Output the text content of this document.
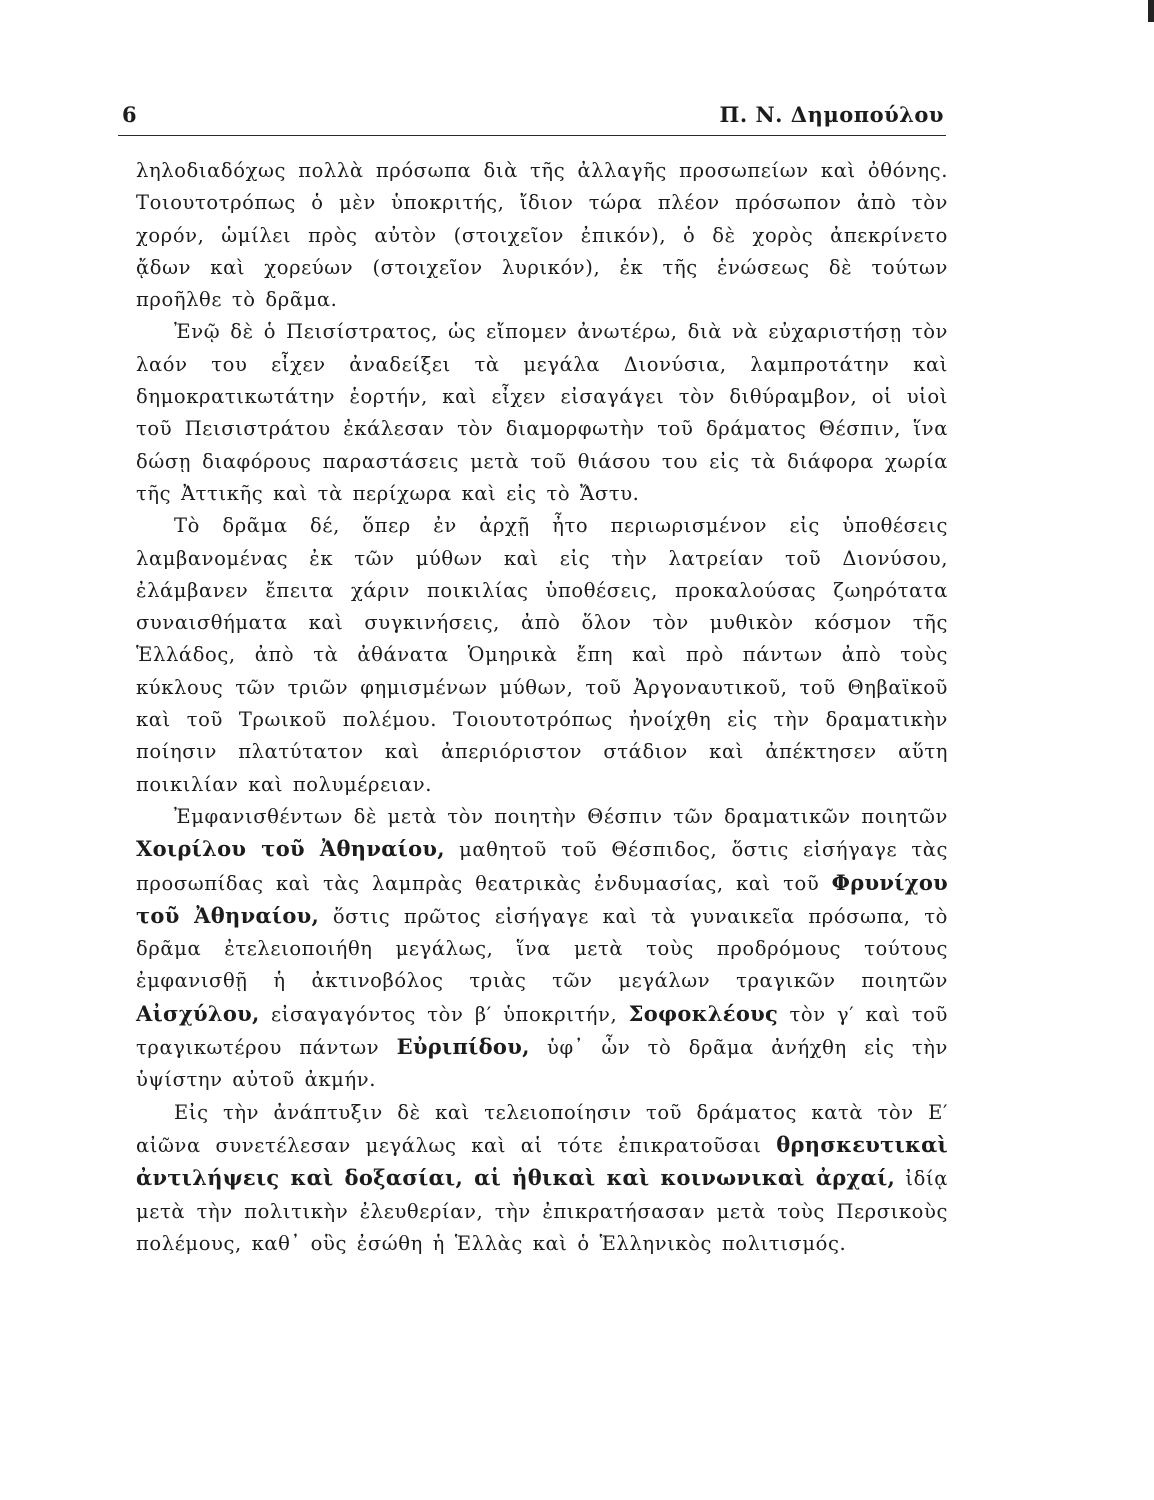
6	Π. Ν. Δημοπούλου

ληλοδιαδόχως πολλὰ πρόσωπα διὰ τῆς ἀλλαγῆς προσωπείων καὶ ὀθόνης. Τοιουτοτρόπως ὁ μὲν ὑποκριτής, ἴδιον τώρα πλέον πρόσωπον ἀπὸ τὸν χορόν, ὡμίλει πρὸς αὐτὸν (στοιχεῖον ἐπικόν), ὁ δὲ χορὸς ἀπεκρίνετο ᾄδων καὶ χορεύων (στοιχεῖον λυρικόν), ἐκ τῆς ἑνώσεως δὲ τούτων προῆλθε τὸ δρᾶμα.

Ἐνῷ δὲ ὁ Πεισίστρατος, ὡς εἴπομεν ἀνωτέρω, διὰ νὰ εὐχαριστήσῃ τὸν λαόν του εἶχεν ἀναδείξει τὰ μεγάλα Διονύσια, λαμπροτάτην καὶ δημοκρατικωτάτην ἑορτήν, καὶ εἶχεν εἰσαγάγει τὸν διθύραμβον, οἱ υἱοὶ τοῦ Πεισιστράτου ἐκάλεσαν τὸν διαμορφωτὴν τοῦ δράματος Θέσπιν, ἵνα δώσῃ διαφόρους παραστάσεις μετὰ τοῦ θιάσου του εἰς τὰ διάφορα χωρία τῆς Ἀττικῆς καὶ τὰ περίχωρα καὶ εἰς τὸ Ἄστυ.

Τὸ δρᾶμα δέ, ὅπερ ἐν ἀρχῇ ἦτο περιωρισμένον εἰς ὑποθέσεις λαμβανομένας ἐκ τῶν μύθων καὶ εἰς τὴν λατρείαν τοῦ Διονύσου, ἐλάμβανεν ἔπειτα χάριν ποικιλίας ὑποθέσεις, προκαλούσας ζωηρότατα συναισθήματα καὶ συγκινήσεις, ἀπὸ ὅλον τὸν μυθικὸν κόσμον τῆς Ἑλλάδος, ἀπὸ τὰ ἀθάνατα Ὁμηρικὰ ἔπη καὶ πρὸ πάντων ἀπὸ τοὺς κύκλους τῶν τριῶν φημισμένων μύθων, τοῦ Ἀργοναυτικοῦ, τοῦ Θηβαϊκοῦ καὶ τοῦ Τρωικοῦ πολέμου. Τοιουτοτρόπως ἠνοίχθη εἰς τὴν δραματικὴν ποίησιν πλατύτατον καὶ ἀπεριόριστον στάδιον καὶ ἀπέκτησεν αὕτη ποικιλίαν καὶ πολυμέρειαν.

Ἐμφανισθέντων δὲ μετὰ τὸν ποιητὴν Θέσπιν τῶν δραματικῶν ποιητῶν Χοιρίλου τοῦ Ἀθηναίου, μαθητοῦ τοῦ Θέσπιδος, ὅστις εἰσήγαγε τὰς προσωπίδας καὶ τὰς λαμπρὰς θεατρικὰς ἐνδυμασίας, καὶ τοῦ Φρυνίχου τοῦ Ἀθηναίου, ὅστις πρῶτος εἰσήγαγε καὶ τὰ γυναικεῖα πρόσωπα, τὸ δρᾶμα ἐτελειοποιήθη μεγάλως, ἵνα μετὰ τοὺς προδρόμους τούτους ἐμφανισθῇ ἡ ἀκτινοβόλος τριὰς τῶν μεγάλων τραγικῶν ποιητῶν Αἰσχύλου, εἰσαγαγόντος τὸν β′ ὑποκριτήν, Σοφοκλέους τὸν γ′ καὶ τοῦ τραγικωτέρου πάντων Εὐριπίδου, ὑφ᾽ ὧν τὸ δρᾶμα ἀνήχθη εἰς τὴν ὑψίστην αὐτοῦ ἀκμήν.

Εἰς τὴν ἀνάπτυξιν δὲ καὶ τελειοποίησιν τοῦ δράματος κατὰ τὸν Ε′ αἰῶνα συνετέλεσαν μεγάλως καὶ αἱ τότε ἐπικρατοῦσαι θρησκευτικαὶ ἀντιλήψεις καὶ δοξασίαι, αἱ ἠθικαὶ καὶ κοινωνικαὶ ἀρχαί, ἰδίᾳ μετὰ τὴν πολιτικὴν ἐλευθερίαν, τὴν ἐπικρατήσασαν μετὰ τοὺς Περσικοὺς πολέμους, καθ᾽ οὓς ἐσώθη ἡ Ἑλλὰς καὶ ὁ Ἑλληνικὸς πολιτισμός.
